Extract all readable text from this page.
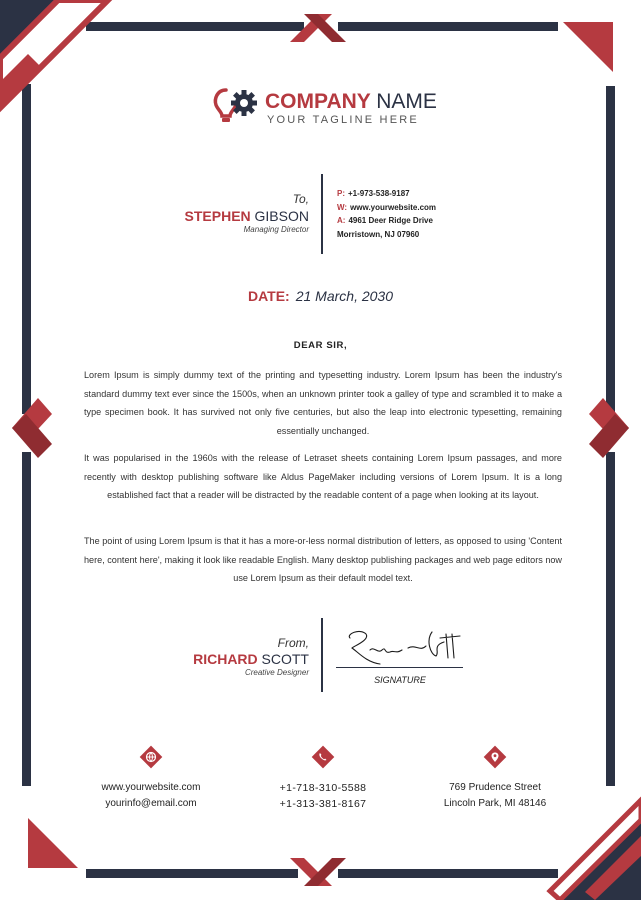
COMPANY NAME
YOUR TAGLINE HERE
To,
STEPHEN GIBSON
Managing Director
P: +1-973-538-9187
W: www.yourwebsite.com
A: 4961 Deer Ridge Drive
Morristown, NJ 07960
DATE: 21 March, 2030
DEAR SIR,
Lorem Ipsum is simply dummy text of the printing and typesetting industry. Lorem Ipsum has been the industry's standard dummy text ever since the 1500s, when an unknown printer took a galley of type and scrambled it to make a type specimen book. It has survived not only five centuries, but also the leap into electronic typesetting, remaining essentially unchanged.
It was popularised in the 1960s with the release of Letraset sheets containing Lorem Ipsum passages, and more recently with desktop publishing software like Aldus PageMaker including versions of Lorem Ipsum. It is a long established fact that a reader will be distracted by the readable content of a page when looking at its layout.
The point of using Lorem Ipsum is that it has a more-or-less normal distribution of letters, as opposed to using 'Content here, content here', making it look like readable English. Many desktop publishing packages and web page editors now use Lorem Ipsum as their default model text.
From,
RICHARD SCOTT
Creative Designer
SIGNATURE
www.yourwebsite.com
yourinfo@email.com
+1-718-310-5588
+1-313-381-8167
769 Prudence Street
Lincoln Park, MI 48146
